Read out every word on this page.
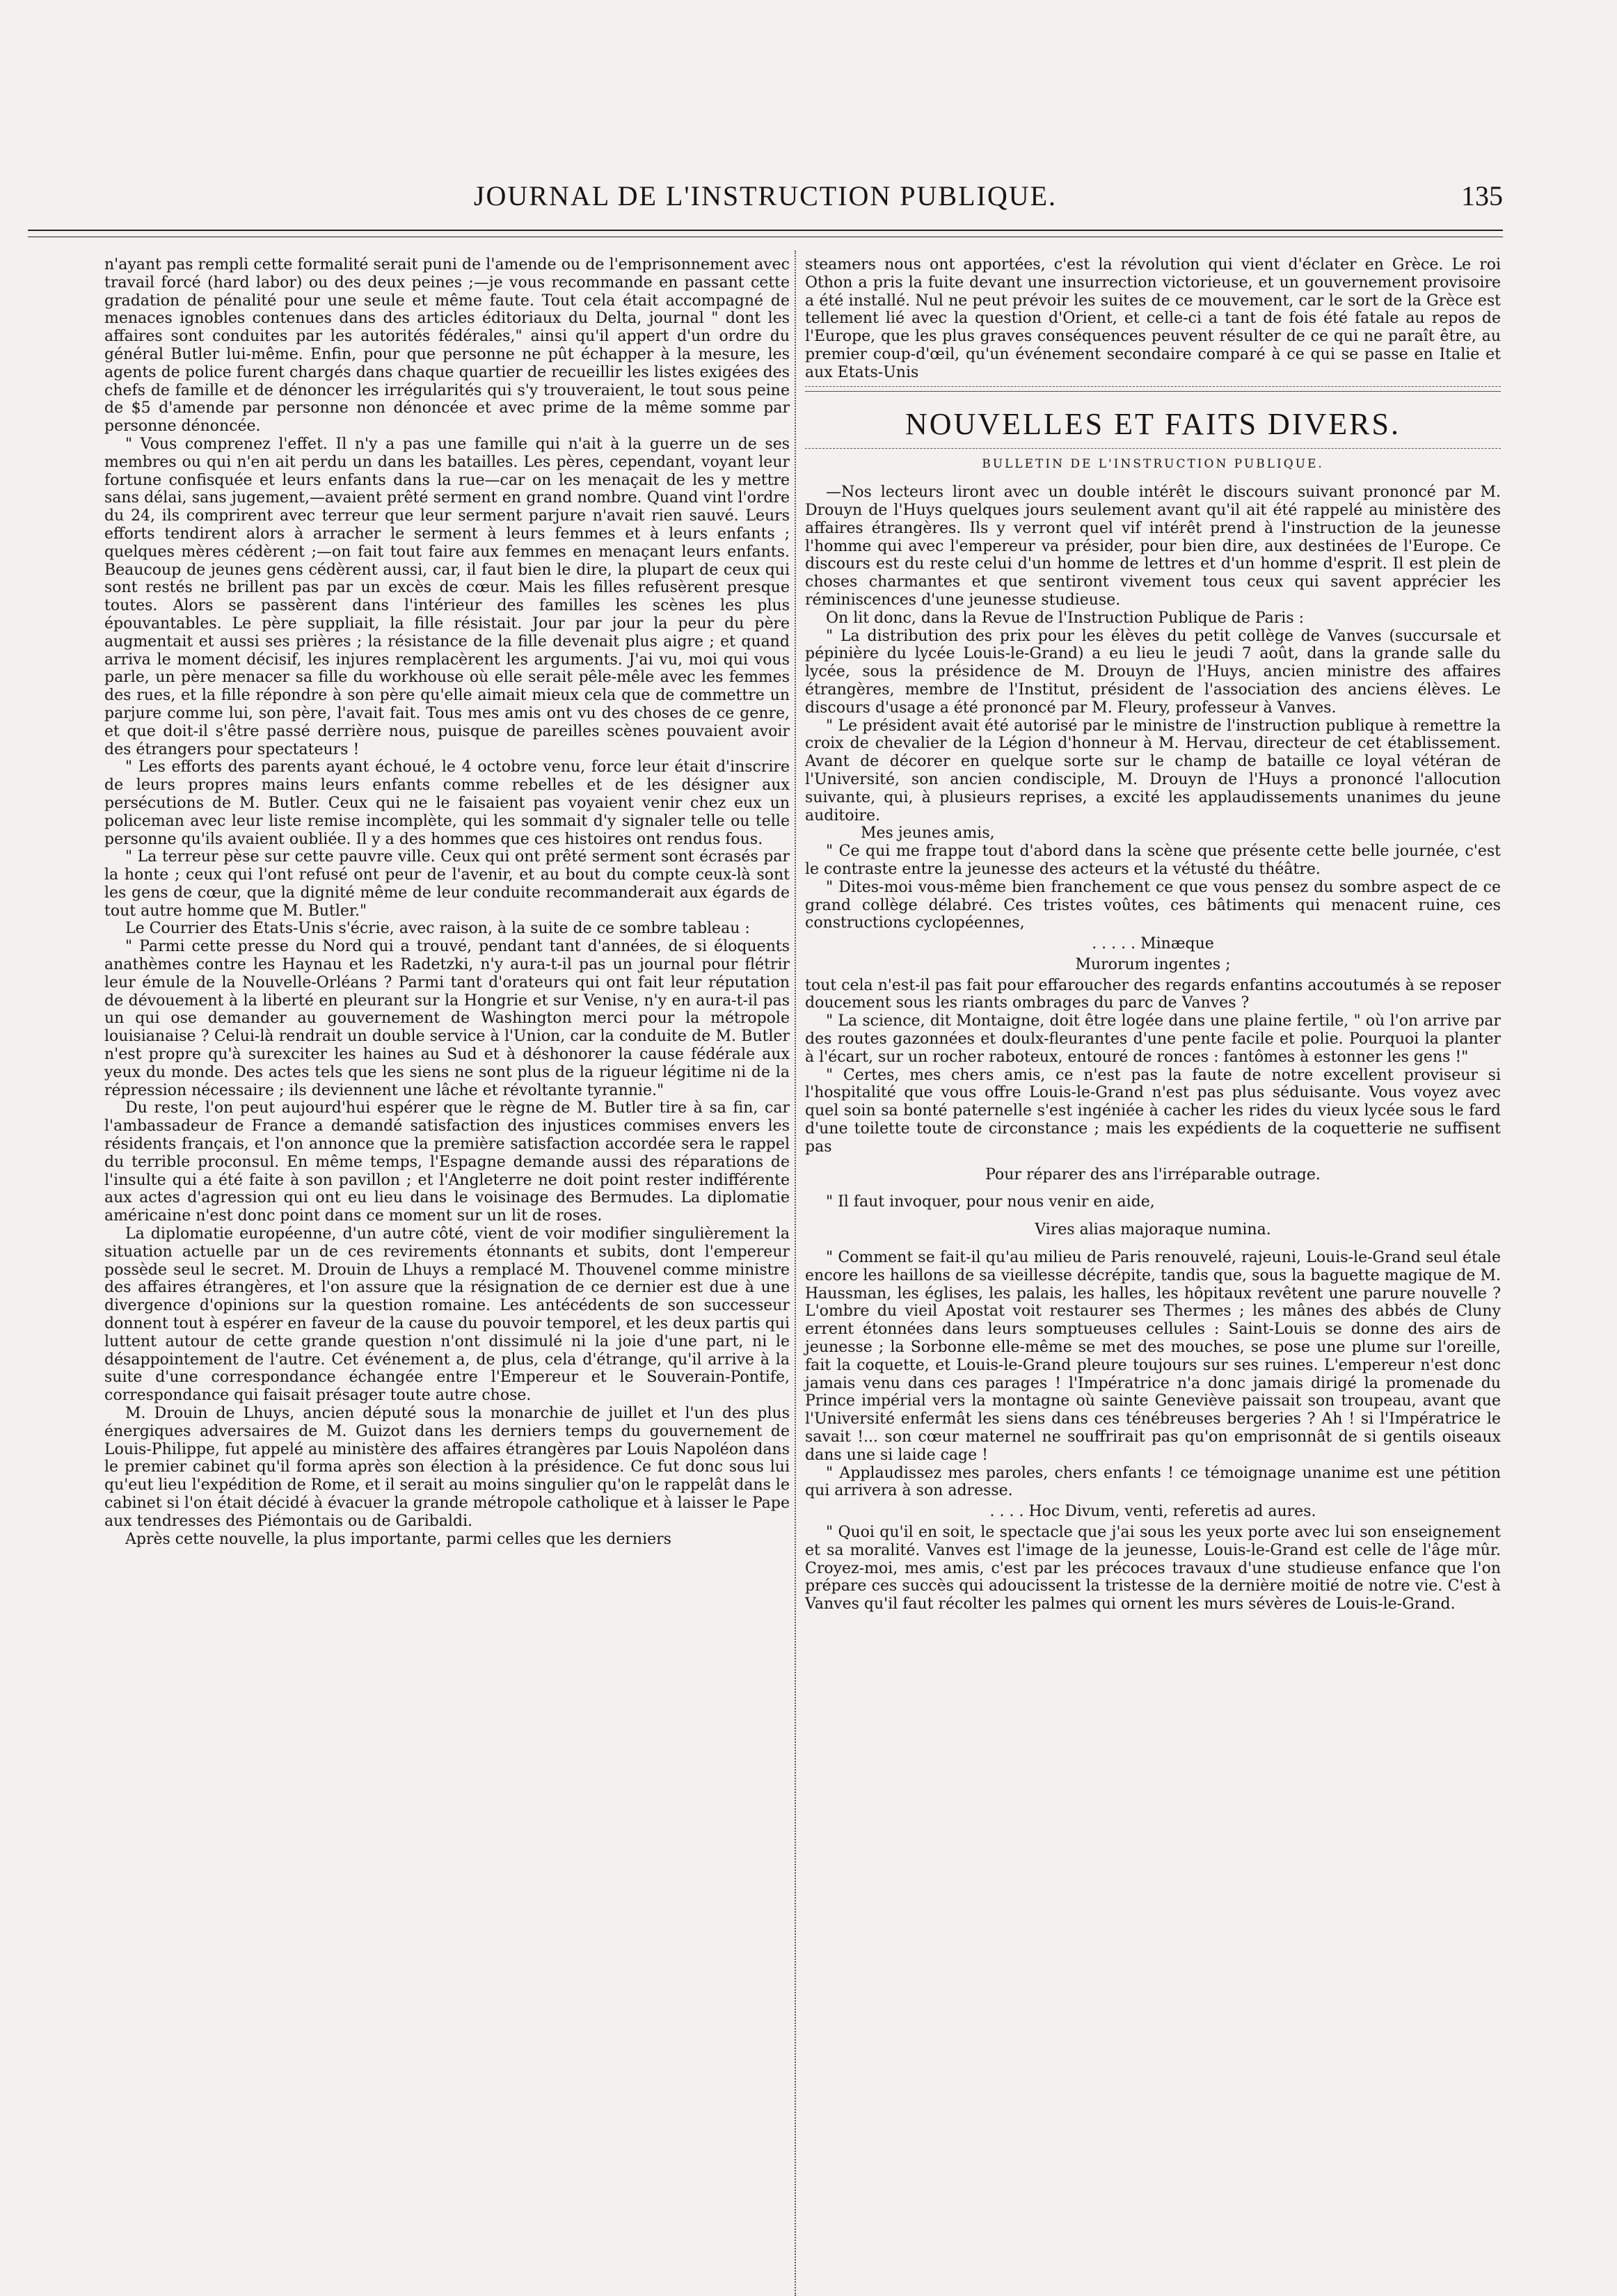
JOURNAL DE L'INSTRUCTION PUBLIQUE.	135

n'ayant pas rempli cette formalité serait puni de l'amende ou de l'emprisonnement avec travail forcé (hard labor) ou des deux peines ;—je vous recommande en passant cette gradation de pénalité pour une seule et même faute. Tout cela était accompagné de menaces ignobles contenues dans des articles éditoriaux du Delta, journal " dont les affaires sont conduites par les autorités fédérales," ainsi qu'il appert d'un ordre du général Butler lui-même. Enfin, pour que personne ne pût échapper à la mesure, les agents de police furent chargés dans chaque quartier de recueillir les listes exigées des chefs de famille et de dénoncer les irrégularités qui s'y trouveraient, le tout sous peine de $5 d'amende par personne non dénoncée et avec prime de la même somme par personne dénoncée.

" Vous comprenez l'effet. Il n'y a pas une famille qui n'ait à la guerre un de ses membres ou qui n'en ait perdu un dans les batailles. Les pères, cependant, voyant leur fortune confisquée et leurs enfants dans la rue—car on les menaçait de les y mettre sans délai, sans jugement,—avaient prêté serment en grand nombre. Quand vint l'ordre du 24, ils comprirent avec terreur que leur serment parjure n'avait rien sauvé. Leurs efforts tendirent alors à arracher le serment à leurs femmes et à leurs enfants ; quelques mères cédèrent ;—on fait tout faire aux femmes en menaçant leurs enfants. Beaucoup de jeunes gens cédèrent aussi, car, il faut bien le dire, la plupart de ceux qui sont restés ne brillent pas par un excès de cœur. Mais les filles refusèrent presque toutes. Alors se passèrent dans l'intérieur des familles les scènes les plus épouvantables. Le père suppliait, la fille résistait. Jour par jour la peur du père augmentait et aussi ses prières ; la résistance de la fille devenait plus aigre ; et quand arriva le moment décisif, les injures remplacèrent les arguments. J'ai vu, moi qui vous parle, un père menacer sa fille du workhouse où elle serait pêle-mêle avec les femmes des rues, et la fille répondre à son père qu'elle aimait mieux cela que de commettre un parjure comme lui, son père, l'avait fait. Tous mes amis ont vu des choses de ce genre, et que doit-il s'être passé derrière nous, puisque de pareilles scènes pouvaient avoir des étrangers pour spectateurs !

" Les efforts des parents ayant échoué, le 4 octobre venu, force leur était d'inscrire de leurs propres mains leurs enfants comme rebelles et de les désigner aux persécutions de M. Butler. Ceux qui ne le faisaient pas voyaient venir chez eux un policeman avec leur liste remise incomplète, qui les sommait d'y signaler telle ou telle personne qu'ils avaient oubliée. Il y a des hommes que ces histoires ont rendus fous.

" La terreur pèse sur cette pauvre ville. Ceux qui ont prêté serment sont écrasés par la honte ; ceux qui l'ont refusé ont peur de l'avenir, et au bout du compte ceux-là sont les gens de cœur, que la dignité même de leur conduite recommanderait aux égards de tout autre homme que M. Butler."

Le Courrier des Etats-Unis s'écrie, avec raison, à la suite de ce sombre tableau :

" Parmi cette presse du Nord qui a trouvé, pendant tant d'années, de si éloquents anathèmes contre les Haynau et les Radetzki, n'y aura-t-il pas un journal pour flétrir leur émule de la Nouvelle-Orléans ? Parmi tant d'orateurs qui ont fait leur réputation de dévouement à la liberté en pleurant sur la Hongrie et sur Venise, n'y en aura-t-il pas un qui ose demander au gouvernement de Washington merci pour la métropole louisianaise ? Celui-là rendrait un double service à l'Union, car la conduite de M. Butler n'est propre qu'à surexciter les haines au Sud et à déshonorer la cause fédérale aux yeux du monde. Des actes tels que les siens ne sont plus de la rigueur légitime ni de la répression nécessaire ; ils deviennent une lâche et révoltante tyrannie."

Du reste, l'on peut aujourd'hui espérer que le règne de M. Butler tire à sa fin, car l'ambassadeur de France a demandé satisfaction des injustices commises envers les résidents français, et l'on annonce que la première satisfaction accordée sera le rappel du terrible proconsul. En même temps, l'Espagne demande aussi des réparations de l'insulte qui a été faite à son pavillon ; et l'Angleterre ne doit point rester indifférente aux actes d'agression qui ont eu lieu dans le voisinage des Bermudes. La diplomatie américaine n'est donc point dans ce moment sur un lit de roses.

La diplomatie européenne, d'un autre côté, vient de voir modifier singulièrement la situation actuelle par un de ces revirements étonnants et subits, dont l'empereur possède seul le secret. M. Drouin de Lhuys a remplacé M. Thouvenel comme ministre des affaires étrangères, et l'on assure que la résignation de ce dernier est due à une divergence d'opinions sur la question romaine. Les antécédents de son successeur donnent tout à espérer en faveur de la cause du pouvoir temporel, et les deux partis qui luttent autour de cette grande question n'ont dissimulé ni la joie d'une part, ni le désappointement de l'autre. Cet événement a, de plus, cela d'étrange, qu'il arrive à la suite d'une correspondance échangée entre l'Empereur et le Souverain-Pontife, correspondance qui faisait présager toute autre chose.

M. Drouin de Lhuys, ancien député sous la monarchie de juillet et l'un des plus énergiques adversaires de M. Guizot dans les derniers temps du gouvernement de Louis-Philippe, fut appelé au ministère des affaires étrangères par Louis Napoléon dans le premier cabinet qu'il forma après son élection à la présidence. Ce fut donc sous lui qu'eut lieu l'expédition de Rome, et il serait au moins singulier qu'on le rappelât dans le cabinet si l'on était décidé à évacuer la grande métropole catholique et à laisser le Pape aux tendresses des Piémontais ou de Garibaldi.

Après cette nouvelle, la plus importante, parmi celles que les derniers

steamers nous ont apportées, c'est la révolution qui vient d'éclater en Grèce. Le roi Othon a pris la fuite devant une insurrection victorieuse, et un gouvernement provisoire a été installé. Nul ne peut prévoir les suites de ce mouvement, car le sort de la Grèce est tellement lié avec la question d'Orient, et celle-ci a tant de fois été fatale au repos de l'Europe, que les plus graves conséquences peuvent résulter de ce qui ne paraît être, au premier coup-d'œil, qu'un événement secondaire comparé à ce qui se passe en Italie et aux Etats-Unis

NOUVELLES ET FAITS DIVERS.
BULLETIN DE L'INSTRUCTION PUBLIQUE.

—Nos lecteurs liront avec un double intérêt le discours suivant prononcé par M. Drouyn de l'Huys quelques jours seulement avant qu'il ait été rappelé au ministère des affaires étrangères. Ils y verront quel vif intérêt prend à l'instruction de la jeunesse l'homme qui avec l'empereur va présider, pour bien dire, aux destinées de l'Europe. Ce discours est du reste celui d'un homme de lettres et d'un homme d'esprit. Il est plein de choses charmantes et que sentiront vivement tous ceux qui savent apprécier les réminiscences d'une jeunesse studieuse.

On lit donc, dans la Revue de l'Instruction Publique de Paris :

" La distribution des prix pour les élèves du petit collège de Vanves (succursale et pépinière du lycée Louis-le-Grand) a eu lieu le jeudi 7 août, dans la grande salle du lycée, sous la présidence de M. Drouyn de l'Huys, ancien ministre des affaires étrangères, membre de l'Institut, président de l'association des anciens élèves. Le discours d'usage a été prononcé par M. Fleury, professeur à Vanves.

" Le président avait été autorisé par le ministre de l'instruction publique à remettre la croix de chevalier de la Légion d'honneur à M. Hervau, directeur de cet établissement. Avant de décorer en quelque sorte sur le champ de bataille ce loyal vétéran de l'Université, son ancien condisciple, M. Drouyn de l'Huys a prononcé l'allocution suivante, qui, à plusieurs reprises, a excité les applaudissements unanimes du jeune auditoire.

Mes jeunes amis,

" Ce qui me frappe tout d'abord dans la scène que présente cette belle journée, c'est le contraste entre la jeunesse des acteurs et la vétusté du théâtre.

" Dites-moi vous-même bien franchement ce que vous pensez du sombre aspect de ce grand collège délabré. Ces tristes voûtes, ces bâtiments qui menacent ruine, ces constructions cyclopéennes,

. . . . . Minæque
Murorum ingentes ;

tout cela n'est-il pas fait pour effaroucher des regards enfantins accoutumés à se reposer doucement sous les riants ombrages du parc de Vanves ?

" La science, dit Montaigne, doit être logée dans une plaine fertile, " où l'on arrive par des routes gazonnées et doulx-fleurantes d'une pente facile et polie. Pourquoi la planter à l'écart, sur un rocher raboteux, entouré de ronces : fantômes à estonner les gens !"

" Certes, mes chers amis, ce n'est pas la faute de notre excellent proviseur si l'hospitalité que vous offre Louis-le-Grand n'est pas plus séduisante. Vous voyez avec quel soin sa bonté paternelle s'est ingéniée à cacher les rides du vieux lycée sous le fard d'une toilette toute de circonstance ; mais les expédients de la coquetterie ne suffisent pas

Pour réparer des ans l'irréparable outrage.

" Il faut invoquer, pour nous venir en aide,

Vires alias majoraque numina.

" Comment se fait-il qu'au milieu de Paris renouvelé, rajeuni, Louis-le-Grand seul étale encore les haillons de sa vieillesse décrépite, tandis que, sous la baguette magique de M. Haussman, les églises, les palais, les halles, les hôpitaux revêtent une parure nouvelle ? L'ombre du vieil Apostat voit restaurer ses Thermes ; les mânes des abbés de Cluny errent étonnées dans leurs somptueuses cellules : Saint-Louis se donne des airs de jeunesse ; la Sorbonne elle-même se met des mouches, se pose une plume sur l'oreille, fait la coquette, et Louis-le-Grand pleure toujours sur ses ruines. L'empereur n'est donc jamais venu dans ces parages ! l'Impératrice n'a donc jamais dirigé la promenade du Prince impérial vers la montagne où sainte Geneviève paissait son troupeau, avant que l'Université enfermât les siens dans ces ténébreuses bergeries ? Ah ! si l'Impératrice le savait !... son cœur maternel ne souffrirait pas qu'on emprisonnât de si gentils oiseaux dans une si laide cage !

" Applaudissez mes paroles, chers enfants ! ce témoignage unanime est une pétition qui arrivera à son adresse.

. . . . Hoc Divum, venti, referetis ad aures.

" Quoi qu'il en soit, le spectacle que j'ai sous les yeux porte avec lui son enseignement et sa moralité. Vanves est l'image de la jeunesse, Louis-le-Grand est celle de l'âge mûr. Croyez-moi, mes amis, c'est par les précoces travaux d'une studieuse enfance que l'on prépare ces succès qui adoucissent la tristesse de la dernière moitié de notre vie. C'est à Vanves qu'il faut récolter les palmes qui ornent les murs sévères de Louis-le-Grand.
